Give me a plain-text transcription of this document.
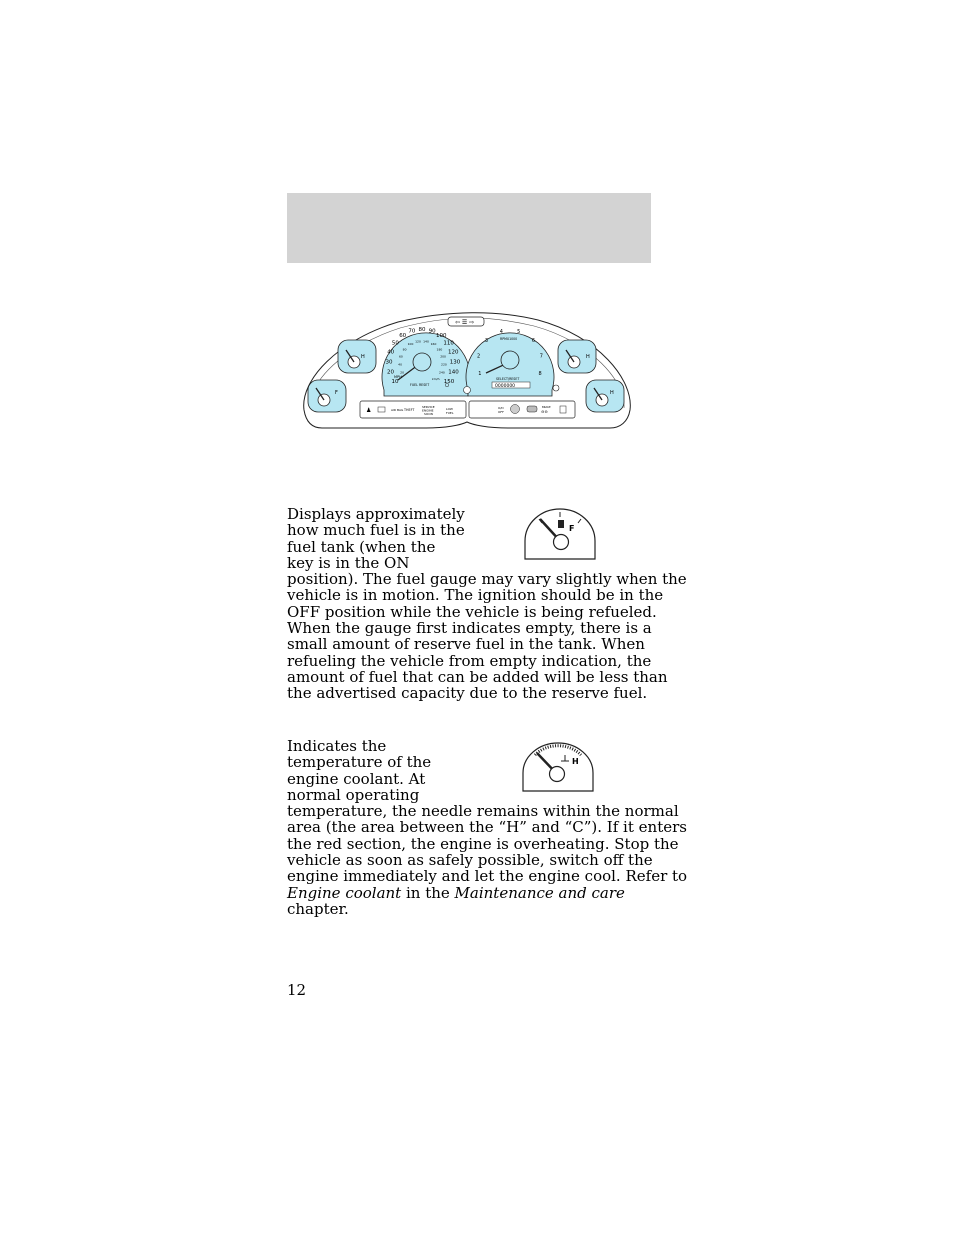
H
F
10
20
30
40
50
60
70 80 90
100
110
120
130
140
150
20
40
60
80
100
120 140
160
180
200
220
240
MPH	km/h
FUEL RESET
⇦ ☰ ⇨
1
2
3
4	5
6
7
8
RPMX1000
SELECT/RESET
0000000
H
H
♟	AIR BAG THEFT
SERVICE
ENGINE
SOON
LOW
FUEL
O/D
OFF
BRAKE
⊖⊖

Displays approximately
how much fuel is in the
fuel tank (when the
key is in the ON
position). The fuel gauge may vary slightly when the
vehicle is in motion. The ignition should be in the
OFF position while the vehicle is being refueled.
When the gauge first indicates empty, there is a
small amount of reserve fuel in the tank. When
refueling the vehicle from empty indication, the
amount of fuel that can be added will be less than
the advertised capacity due to the reserve fuel.

F

Indicates the
temperature of the
engine coolant. At
normal operating
temperature, the needle remains within the normal
area (the area between the “H” and “C”). If it enters
the red section, the engine is overheating. Stop the
vehicle as soon as safely possible, switch off the
engine immediately and let the engine cool. Refer to
Engine coolant in the Maintenance and care
chapter.

H
12
